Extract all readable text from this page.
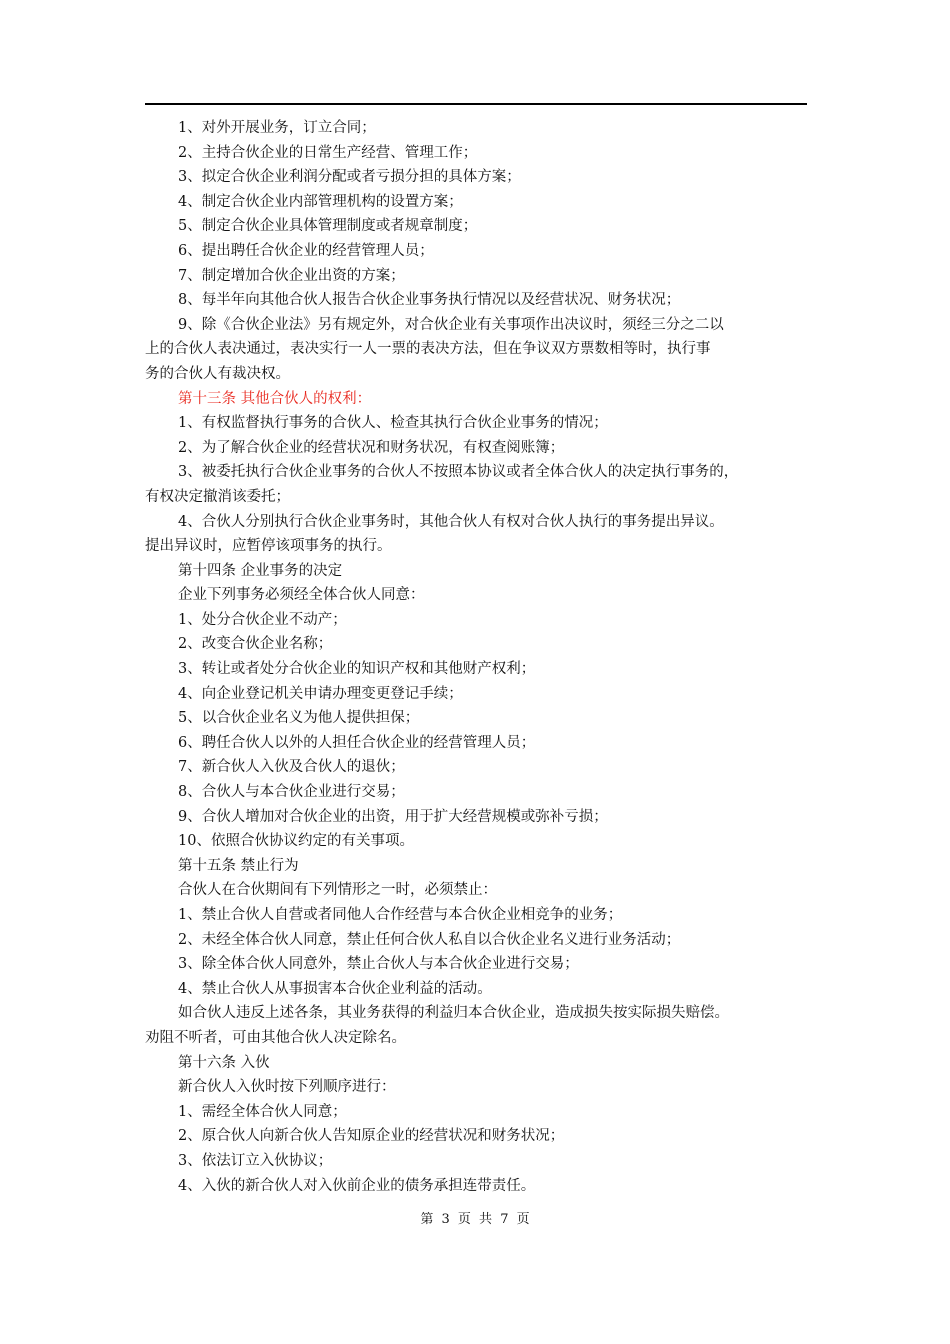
1、对外开展业务，订立合同；
2、主持合伙企业的日常生产经营、管理工作；
3、拟定合伙企业利润分配或者亏损分担的具体方案；
4、制定合伙企业内部管理机构的设置方案；
5、制定合伙企业具体管理制度或者规章制度；
6、提出聘任合伙企业的经营管理人员；
7、制定增加合伙企业出资的方案；
8、每半年向其他合伙人报告合伙企业事务执行情况以及经营状况、财务状况；
9、除《合伙企业法》另有规定外，对合伙企业有关事项作出决议时，须经三分之二以
上的合伙人表决通过，表决实行一人一票的表决方法，但在争议双方票数相等时，执行事
务的合伙人有裁决权。
第十三条 其他合伙人的权利：
1、有权监督执行事务的合伙人、检查其执行合伙企业事务的情况；
2、为了解合伙企业的经营状况和财务状况，有权查阅账簿；
3、被委托执行合伙企业事务的合伙人不按照本协议或者全体合伙人的决定执行事务的，
有权决定撤消该委托；
4、合伙人分别执行合伙企业事务时，其他合伙人有权对合伙人执行的事务提出异议。
提出异议时，应暂停该项事务的执行。
第十四条 企业事务的决定
企业下列事务必须经全体合伙人同意：
1、处分合伙企业不动产；
2、改变合伙企业名称；
3、转让或者处分合伙企业的知识产权和其他财产权利；
4、向企业登记机关申请办理变更登记手续；
5、以合伙企业名义为他人提供担保；
6、聘任合伙人以外的人担任合伙企业的经营管理人员；
7、新合伙人入伙及合伙人的退伙；
8、合伙人与本合伙企业进行交易；
9、合伙人增加对合伙企业的出资，用于扩大经营规模或弥补亏损；
10、依照合伙协议约定的有关事项。
第十五条 禁止行为
合伙人在合伙期间有下列情形之一时，必须禁止：
1、禁止合伙人自营或者同他人合作经营与本合伙企业相竞争的业务；
2、未经全体合伙人同意，禁止任何合伙人私自以合伙企业名义进行业务活动；
3、除全体合伙人同意外，禁止合伙人与本合伙企业进行交易；
4、禁止合伙人从事损害本合伙企业利益的活动。
如合伙人违反上述各条，其业务获得的利益归本合伙企业，造成损失按实际损失赔偿。
劝阻不听者，可由其他合伙人决定除名。
第十六条 入伙
新合伙人入伙时按下列顺序进行：
1、需经全体合伙人同意；
2、原合伙人向新合伙人告知原企业的经营状况和财务状况；
3、依法订立入伙协议；
4、入伙的新合伙人对入伙前企业的债务承担连带责任。
第 3 页 共 7 页
